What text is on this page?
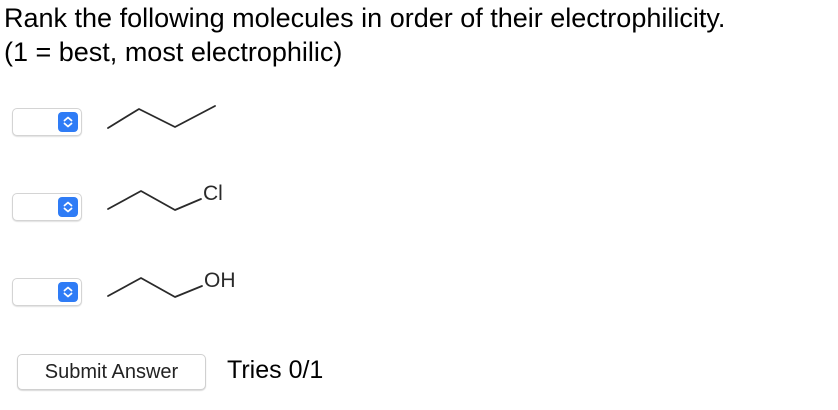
Rank the following molecules in order of their electrophilicity.
(1 = best, most electrophilic)
Cl
OH
Submit Answer	Tries 0/1
